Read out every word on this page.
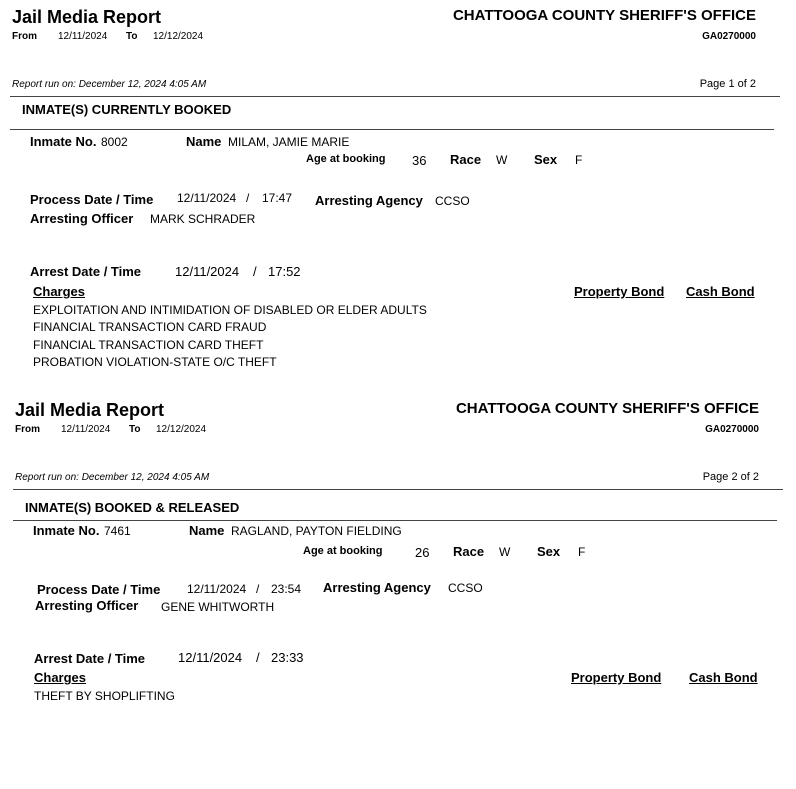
Jail Media Report	CHATTOOGA COUNTY SHERIFF'S OFFICE
From 12/11/2024 To 12/12/2024	GA0270000
Report run on: December 12, 2024 4:05 AM	Page 1 of 2
INMATE(S) CURRENTLY BOOKED
Inmate No. 8002	Name MILAM, JAMIE MARIE
Age at booking 36 Race W Sex F
Process Date / Time 12/11/2024 / 17:47 Arresting Agency CCSO
Arresting Officer MARK SCHRADER
Arrest Date / Time	12/11/2024 / 17:52
Charges	Property Bond Cash Bond
EXPLOITATION AND INTIMIDATION OF DISABLED OR ELDER ADULTS
FINANCIAL TRANSACTION CARD FRAUD
FINANCIAL TRANSACTION CARD THEFT
PROBATION VIOLATION-STATE O/C THEFT
Jail Media Report	CHATTOOGA COUNTY SHERIFF'S OFFICE
From 12/11/2024 To 12/12/2024	GA0270000
Report run on: December 12, 2024 4:05 AM	Page 2 of 2
INMATE(S) BOOKED & RELEASED
Inmate No. 7461	Name RAGLAND, PAYTON FIELDING
Age at booking	26 Race W Sex F
Process Date / Time 12/11/2024 / 23:54 Arresting Agency CCSO
Arresting Officer GENE WHITWORTH
Arrest Date / Time	12/11/2024 / 23:33
Charges	Property Bond Cash Bond
THEFT BY SHOPLIFTING
